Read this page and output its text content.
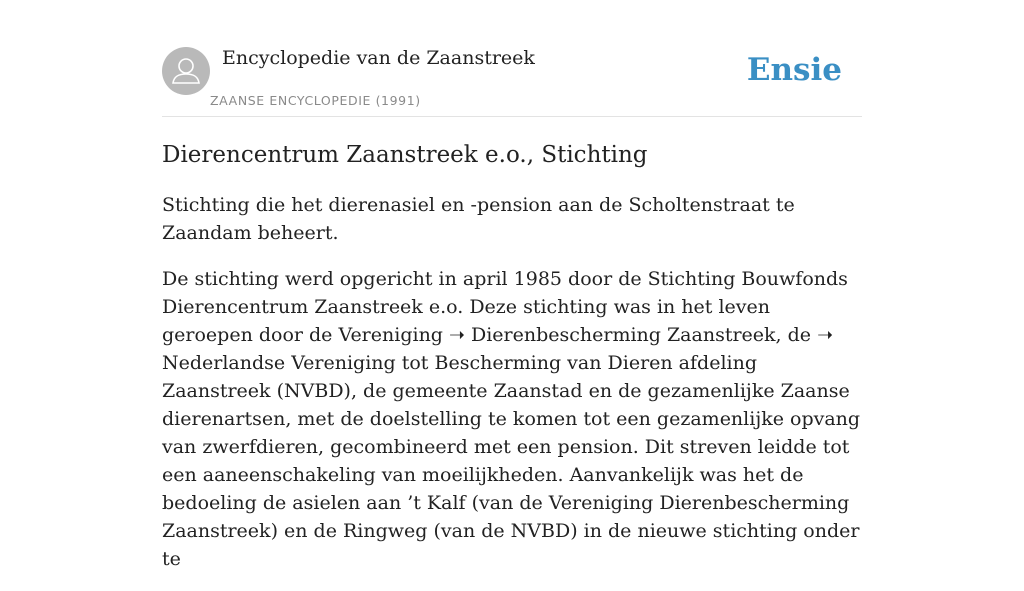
Encyclopedie van de Zaanstreek
ZAANSE ENCYCLOPEDIE (1991)
Ensie
Dierencentrum Zaanstreek e.o., Stichting

Stichting die het dierenasiel en -pension aan de Scholtenstraat te Zaandam beheert.

De stichting werd opgericht in april 1985 door de Stichting Bouwfonds Dierencentrum Zaanstreek e.o. Deze stichting was in het leven geroepen door de Vereniging ➝ Dierenbescherming Zaanstreek, de ➝ Nederlandse Vereniging tot Bescherming van Dieren afdeling Zaanstreek (NVBD), de gemeente Zaanstad en de gezamenlijke Zaanse dierenartsen, met de doelstelling te komen tot een gezamenlijke opvang van zwerfdieren, gecombineerd met een pension. Dit streven leidde tot een aaneenschakeling van moeilijkheden. Aanvankelijk was het de bedoeling de asielen aan ’t Kalf (van de Vereniging Dierenbescherming Zaanstreek) en de Ringweg (van de NVBD) in de nieuwe stichting onder te
